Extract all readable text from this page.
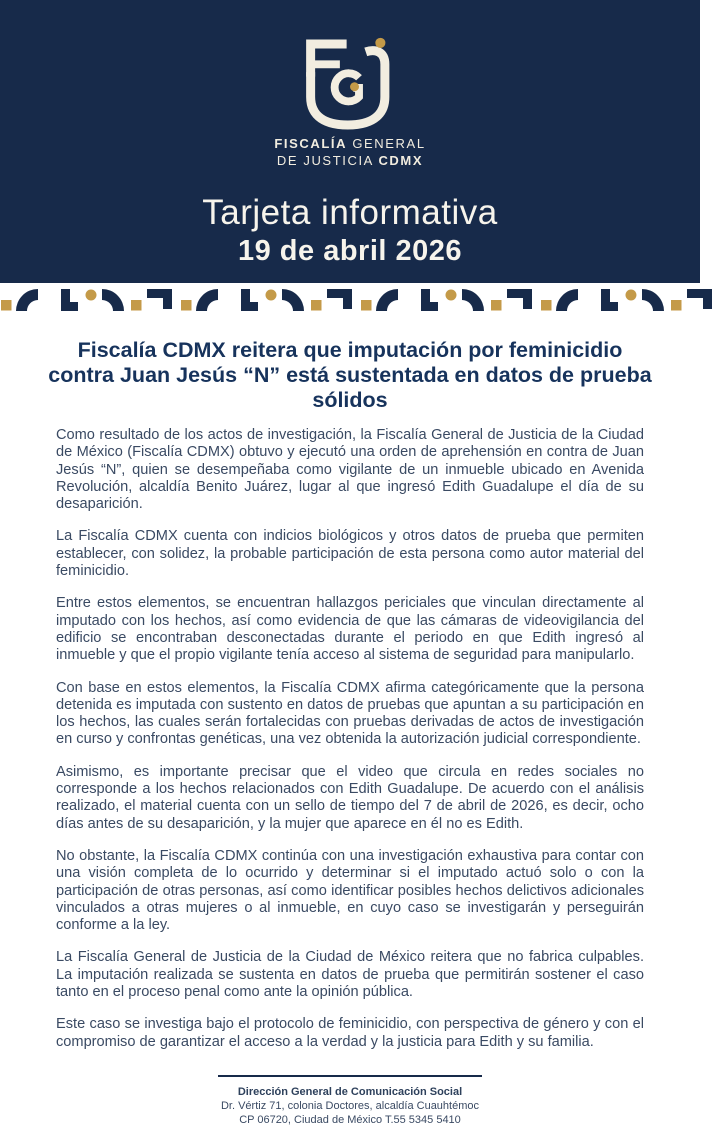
FISCALÍA GENERAL
DE JUSTICIA CDMX
Tarjeta informativa
19 de abril 2026
Fiscalía CDMX reitera que imputación por feminicidio contra Juan Jesús “N” está sustentada en datos de prueba sólidos

Como resultado de los actos de investigación, la Fiscalía General de Justicia de la Ciudad de México (Fiscalía CDMX) obtuvo y ejecutó una orden de aprehensión en contra de Juan Jesús “N”, quien se desempeñaba como vigilante de un inmueble ubicado en Avenida Revolución, alcaldía Benito Juárez, lugar al que ingresó Edith Guadalupe el día de su desaparición.

La Fiscalía CDMX cuenta con indicios biológicos y otros datos de prueba que permiten establecer, con solidez, la probable participación de esta persona como autor material del feminicidio.

Entre estos elementos, se encuentran hallazgos periciales que vinculan directamente al imputado con los hechos, así como evidencia de que las cámaras de videovigilancia del edificio se encontraban desconectadas durante el periodo en que Edith ingresó al inmueble y que el propio vigilante tenía acceso al sistema de seguridad para manipularlo.

Con base en estos elementos, la Fiscalía CDMX afirma categóricamente que la persona detenida es imputada con sustento en datos de pruebas que apuntan a su participación en los hechos, las cuales serán fortalecidas con pruebas derivadas de actos de investigación en curso y confrontas genéticas, una vez obtenida la autorización judicial correspondiente.

Asimismo, es importante precisar que el video que circula en redes sociales no corresponde a los hechos relacionados con Edith Guadalupe. De acuerdo con el análisis realizado, el material cuenta con un sello de tiempo del 7 de abril de 2026, es decir, ocho días antes de su desaparición, y la mujer que aparece en él no es Edith.

No obstante, la Fiscalía CDMX continúa con una investigación exhaustiva para contar con una visión completa de lo ocurrido y determinar si el imputado actuó solo o con la participación de otras personas, así como identificar posibles hechos delictivos adicionales vinculados a otras mujeres o al inmueble, en cuyo caso se investigarán y perseguirán conforme a la ley.

La Fiscalía General de Justicia de la Ciudad de México reitera que no fabrica culpables. La imputación realizada se sustenta en datos de prueba que permitirán sostener el caso tanto en el proceso penal como ante la opinión pública.

Este caso se investiga bajo el protocolo de feminicidio, con perspectiva de género y con el compromiso de garantizar el acceso a la verdad y la justicia para Edith y su familia.

Dirección General de Comunicación Social
Dr. Vértiz 71, colonia Doctores, alcaldía Cuauhtémoc
CP 06720, Ciudad de México T.55 5345 5410
